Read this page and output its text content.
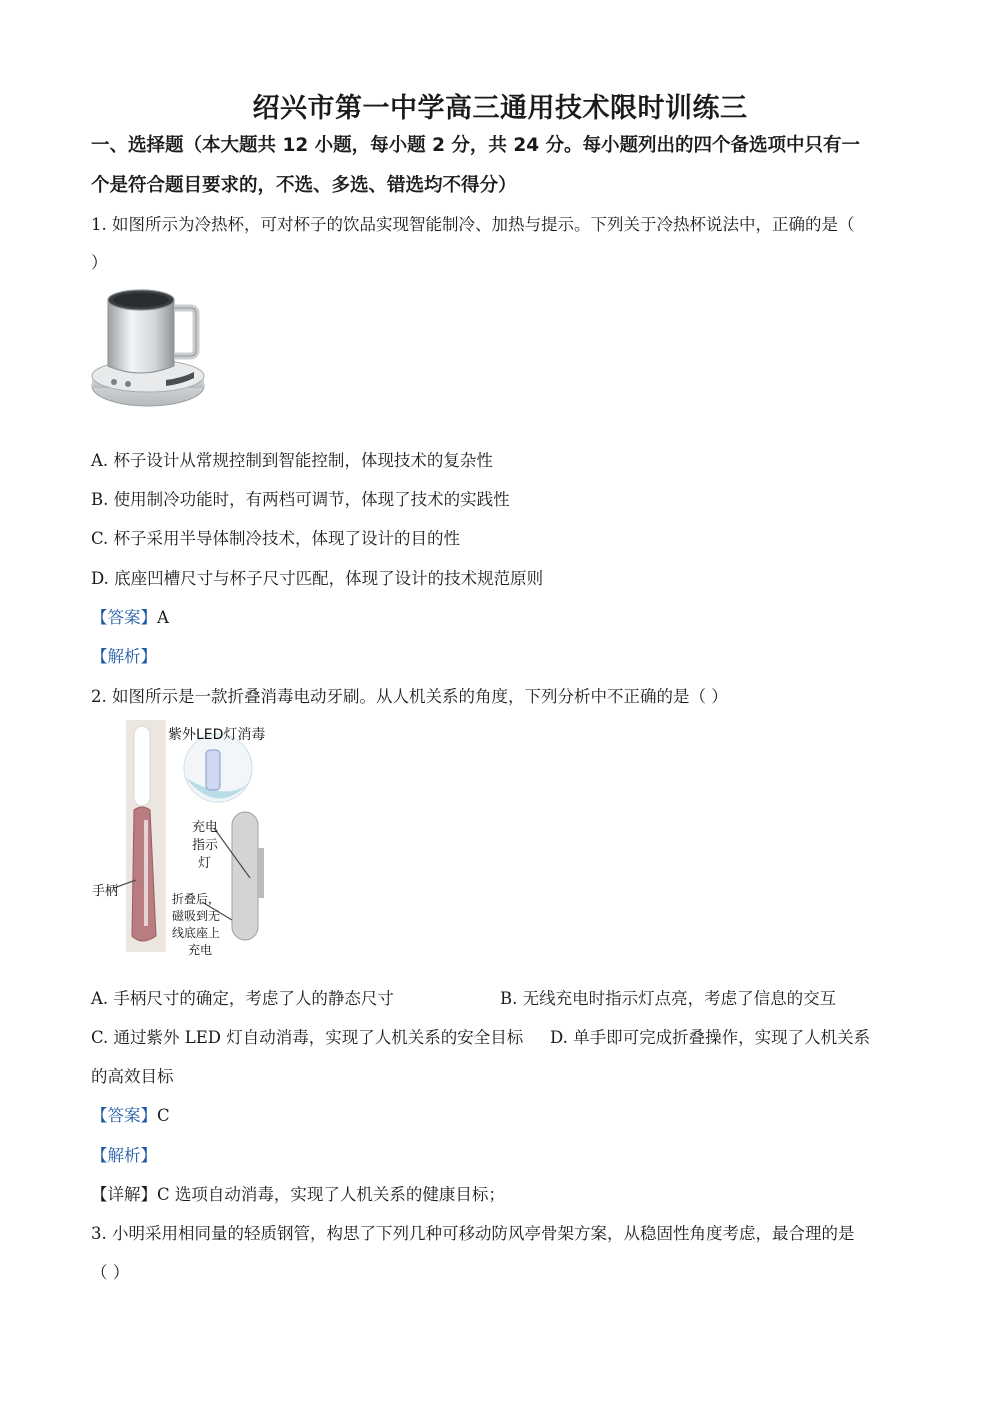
绍兴市第一中学高三通用技术限时训练三
一、选择题（本大题共 12 小题，每小题 2 分，共 24 分。每小题列出的四个备选项中只有一
个是符合题目要求的，不选、多选、错选均不得分）
1. 如图所示为冷热杯，可对杯子的饮品实现智能制冷、加热与提示。下列关于冷热杯说法中，正确的是（
）
A. 杯子设计从常规控制到智能控制，体现技术的复杂性
B. 使用制冷功能时，有两档可调节，体现了技术的实践性
C. 杯子采用半导体制冷技术，体现了设计的目的性
D. 底座凹槽尺寸与杯子尺寸匹配，体现了设计的技术规范原则
【答案】A
【解析】
2. 如图所示是一款折叠消毒电动牙刷。从人机关系的角度，下列分析中不正确的是（ ）
紫外LED灯消毒
充电
指示
灯
手柄	折叠后，
磁吸到无
线底座上
充电
A. 手柄尺寸的确定，考虑了人的静态尺寸	B. 无线充电时指示灯点亮，考虑了信息的交互
C. 通过紫外 LED 灯自动消毒，实现了人机关系的安全目标 D. 单手即可完成折叠操作，实现了人机关系
的高效目标
【答案】C
【解析】
【详解】C 选项自动消毒，实现了人机关系的健康目标；
3. 小明采用相同量的轻质钢管，构思了下列几种可移动防风亭骨架方案，从稳固性角度考虑，最合理的是
（ ）
